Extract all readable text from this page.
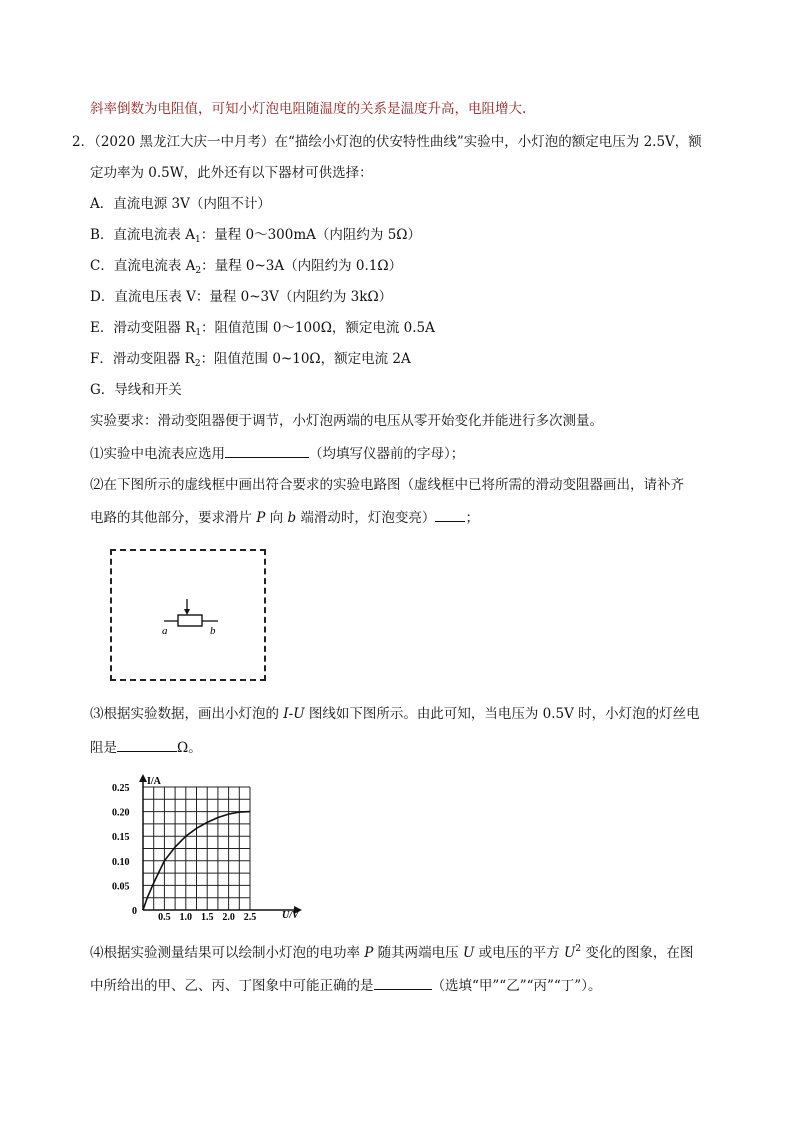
斜率倒数为电阻值，可知小灯泡电阻随温度的关系是温度升高，电阻增大.
2．（2020 黑龙江大庆一中月考）在“描绘小灯泡的伏安特性曲线”实验中，小灯泡的额定电压为 2.5V，额
定功率为 0.5W，此外还有以下器材可供选择：
A．直流电源 3V（内阻不计）
B．直流电流表 $A_1$：量程 0～300mA（内阻约为 5Ω）
C．直流电流表 $A_2$：量程 0~3A（内阻约为 0.1Ω）
D．直流电压表 V：量程 0~3V（内阻约为 3kΩ）
E．滑动变阻器 $R_1$：阻值范围 0～100Ω，额定电流 0.5A
F．滑动变阻器 $R_2$：阻值范围 0~10Ω，额定电流 2A
G．导线和开关
实验要求：滑动变阻器便于调节，小灯泡两端的电压从零开始变化并能进行多次测量。
⑴实验中电流表应选用	（均填写仪器前的字母）；
⑵在下图所示的虚线框中画出符合要求的实验电路图（虚线框中已将所需的滑动变阻器画出，请补齐
电路的其他部分，要求滑片 P 向 b 端滑动时，灯泡变亮） ；
a	b
⑶根据实验数据，画出小灯泡的 I-U 图线如下图所示。由此可知，当电压为 0.5V 时，小灯泡的灯丝电
阻是	Ω。
I/A
U/V
0
0.25
0.20
0.15
0.10
0.05
0.5 1.0 1.5 2.0 2.5
⑷根据实验测量结果可以绘制小灯泡的电功率 P 随其两端电压 U 或电压的平方 $U^2$ 变化的图象，在图
中所给出的甲、乙、丙、丁图象中可能正确的是	（选填“甲”“乙”“丙”“丁”）。
